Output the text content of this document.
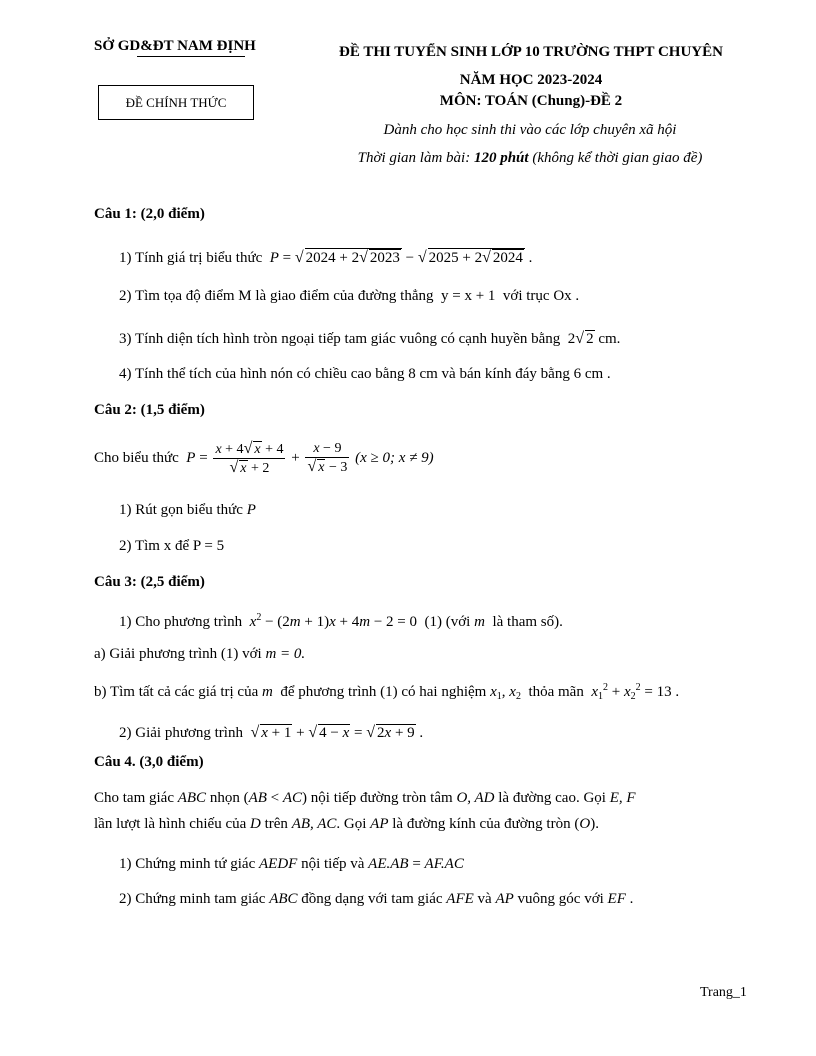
SỞ GD&ĐT NAM ĐỊNH	ĐỀ THI TUYỂN SINH LỚP 10 TRƯỜNG THPT CHUYÊN
NĂM HỌC 2023-2024
ĐỀ CHÍNH THỨC	MÔN: TOÁN (Chung)-ĐỀ 2
Dành cho học sinh thi vào các lớp chuyên xã hội
Thời gian làm bài: 120 phút (không kể thời gian giao đề)
Câu 1: (2,0 điểm)
1) Tính giá trị biểu thức  P = √ 2024 + 2√ 2023 − √ 2025 + 2√ 2024 .
2) Tìm tọa độ điểm M là giao điểm của đường thẳng y = x + 1 với trục Ox .
3) Tính diện tích hình tròn ngoại tiếp tam giác vuông có cạnh huyền bằng  2√ 2 cm.
4) Tính thể tích của hình nón có chiều cao bằng 8 cm và bán kính đáy bằng 6 cm .
Câu 2: (1,5 điểm)
Cho biểu thức  $P = \frac{x + 4√ x + 4}{√ x + 2} + \frac{x - 9}{√ x - 3} (x \ge 0$; x ≠ 9)
1) Rút gọn biểu thức P
2) Tìm x để P = 5
Câu 3: (2,5 điểm)
1) Cho phương trình $x^2 - (2m + 1)x + 4m - 2 = 0$  (1) (với m là tham số).
a) Giải phương trình (1) với m = 0.
b) Tìm tất cả các giá trị của m để phương trình (1) có hai nghiệm $x_1$, $x_2$ thỏa mãn $x_1^2 + x_2^2 = 13$ .
2) Giải phương trình √ x + 1 + √ 4 − x = √ 2x + 9 .
Câu 4. (3,0 điểm)
Cho tam giác ABC nhọn (AB < AC) nội tiếp đường tròn tâm O, AD là đường cao. Gọi E, F
lần lượt là hình chiếu của D trên AB, AC. Gọi AP là đường kính của đường tròn (O).
1) Chứng minh tứ giác AEDF nội tiếp và AE.AB = AF.AC
2) Chứng minh tam giác ABC đồng dạng với tam giác AFE và AP vuông góc với EF .
Trang_1
